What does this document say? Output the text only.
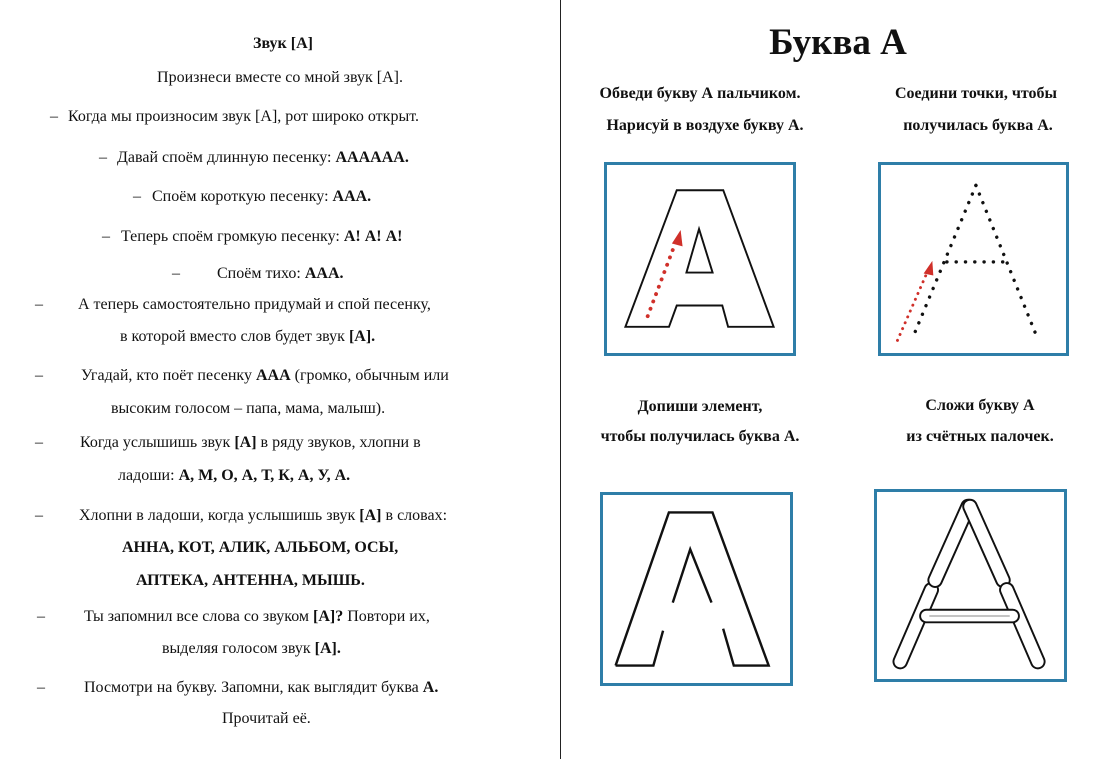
Звук [А]
Произнеси вместе со мной звук [А].
– Когда мы произносим звук [А], рот широко открыт.
– Давай споём длинную песенку: АААААА.
– Споём короткую песенку: ААА.
– Теперь споём громкую песенку: А! А! А!
– Споём тихо: ААА.
– А теперь самостоятельно придумай и спой песенку,
в которой вместо слов будет звук [А].
– Угадай, кто поёт песенку ААА (громко, обычным или
высоким голосом – папа, мама, малыш).
– Когда услышишь звук [А] в ряду звуков, хлопни в
ладоши: А, М, О, А, Т, К, А, У, А.
– Хлопни в ладоши, когда услышишь звук [А] в словах:
АННА, КОТ, АЛИК, АЛЬБОМ, ОСЫ,
АПТЕКА, АНТЕННА, МЫШЬ.
– Ты запомнил все слова со звуком [А]? Повтори их,
выделяя голосом звук [А].
– Посмотри на букву. Запомни, как выглядит буква А.
Прочитай её.
Буква А
Обведи букву А пальчиком.
Нарисуй в воздухе букву А.
Соедини точки, чтобы
получилась буква А.
Допиши элемент,
чтобы получилась буква А.
Сложи букву А
из счётных палочек.
